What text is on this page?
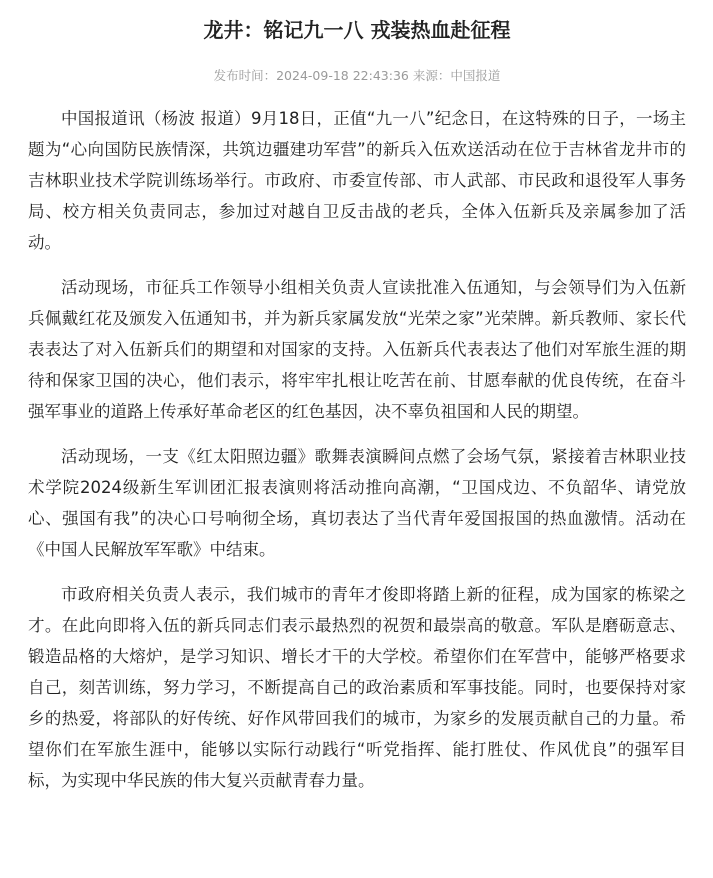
龙井：铭记九一八 戎装热血赴征程
发布时间：2024-09-18 22:43:36 来源：中国报道

中国报道讯（杨波 报道）9月18日，正值“九一八”纪念日，在这特殊的日子，一场主题为“心向国防民族情深，共筑边疆建功军营”的新兵入伍欢送活动在位于吉林省龙井市的吉林职业技术学院训练场举行。市政府、市委宣传部、市人武部、市民政和退役军人事务局、校方相关负责同志，参加过对越自卫反击战的老兵，全体入伍新兵及亲属参加了活动。

活动现场，市征兵工作领导小组相关负责人宣读批准入伍通知，与会领导们为入伍新兵佩戴红花及颁发入伍通知书，并为新兵家属发放“光荣之家”光荣牌。新兵教师、家长代表表达了对入伍新兵们的期望和对国家的支持。入伍新兵代表表达了他们对军旅生涯的期待和保家卫国的决心，他们表示，将牢牢扎根让吃苦在前、甘愿奉献的优良传统，在奋斗强军事业的道路上传承好革命老区的红色基因，决不辜负祖国和人民的期望。

活动现场，一支《红太阳照边疆》歌舞表演瞬间点燃了会场气氛，紧接着吉林职业技术学院2024级新生军训团汇报表演则将活动推向高潮，“卫国戍边、不负韶华、请党放心、强国有我”的决心口号响彻全场，真切表达了当代青年爱国报国的热血激情。活动在《中国人民解放军军歌》中结束。

市政府相关负责人表示，我们城市的青年才俊即将踏上新的征程，成为国家的栋梁之才。在此向即将入伍的新兵同志们表示最热烈的祝贺和最崇高的敬意。军队是磨砺意志、锻造品格的大熔炉，是学习知识、增长才干的大学校。希望你们在军营中，能够严格要求自己，刻苦训练，努力学习，不断提高自己的政治素质和军事技能。同时，也要保持对家乡的热爱，将部队的好传统、好作风带回我们的城市，为家乡的发展贡献自己的力量。希望你们在军旅生涯中，能够以实际行动践行“听党指挥、能打胜仗、作风优良”的强军目标，为实现中华民族的伟大复兴贡献青春力量。
